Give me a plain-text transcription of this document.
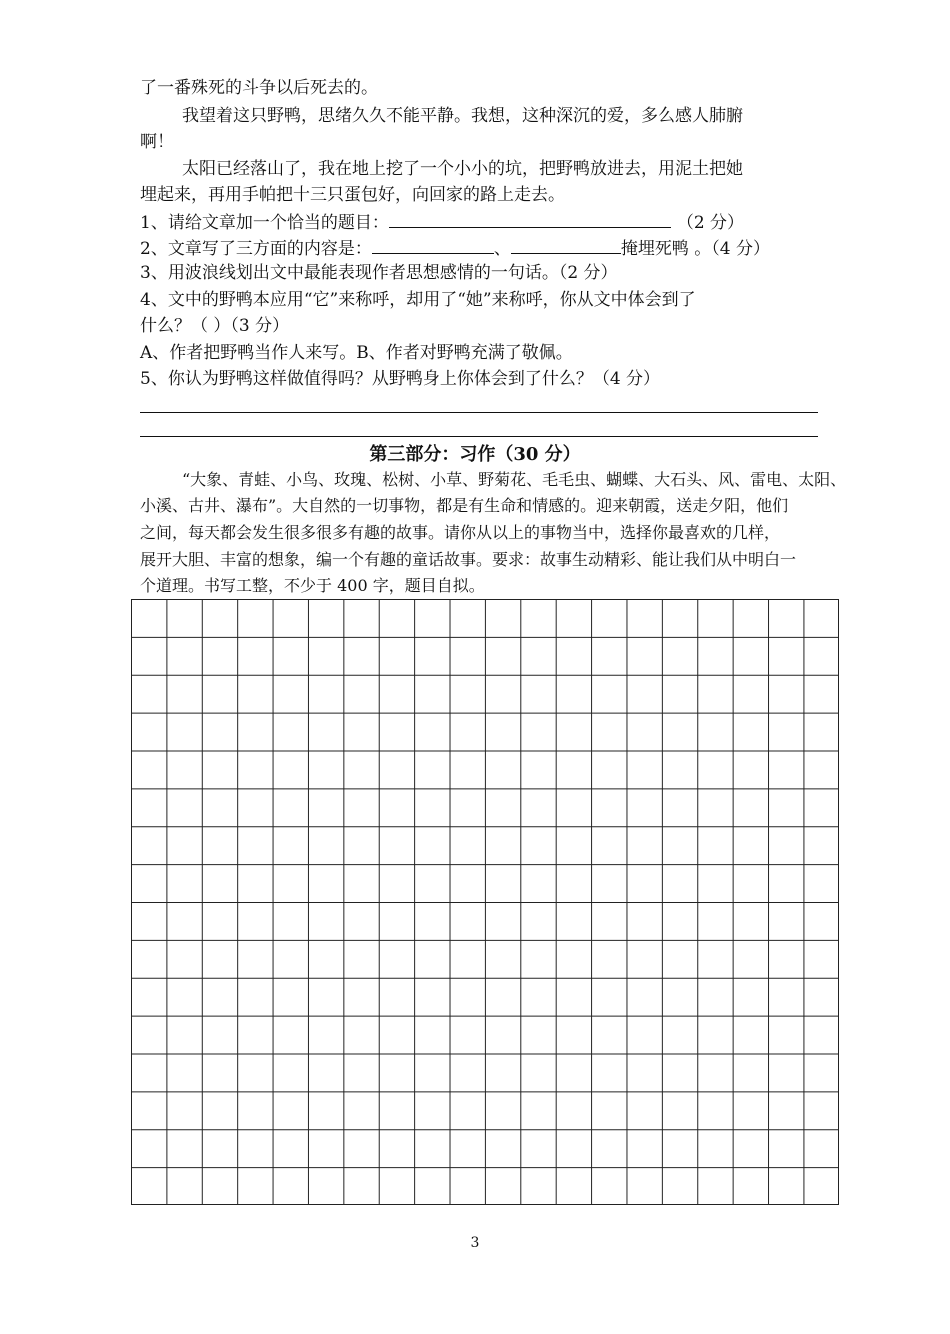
了一番殊死的斗争以后死去的。
我望着这只野鸭，思绪久久不能平静。我想，这种深沉的爱，多么感人肺腑
啊！
太阳已经落山了，我在地上挖了一个小小的坑，把野鸭放进去，用泥土把她
埋起来，再用手帕把十三只蛋包好，向回家的路上走去。
1、请给文章加一个恰当的题目：	（2 分）
2、文章写了三方面的内容是：	、	掩埋死鸭 。（4 分）
3、用波浪线划出文中最能表现作者思想感情的一句话。（2 分）
4、文中的野鸭本应用“它”来称呼，却用了“她”来称呼，你从文中体会到了
什么？（ ）（3 分）
A、作者把野鸭当作人来写。B、作者对野鸭充满了敬佩。
5、你认为野鸭这样做值得吗？从野鸭身上你体会到了什么？（4 分）
第三部分：习作（30 分）
“大象、青蛙、小鸟、玫瑰、松树、小草、野菊花、毛毛虫、蝴蝶、大石头、风、雷电、太阳、
小溪、古井、瀑布”。大自然的一切事物，都是有生命和情感的。迎来朝霞，送走夕阳，他们
之间，每天都会发生很多很多有趣的故事。请你从以上的事物当中，选择你最喜欢的几样，
展开大胆、丰富的想象，编一个有趣的童话故事。要求：故事生动精彩、能让我们从中明白一
个道理。书写工整，不少于 400 字，题目自拟。
3
